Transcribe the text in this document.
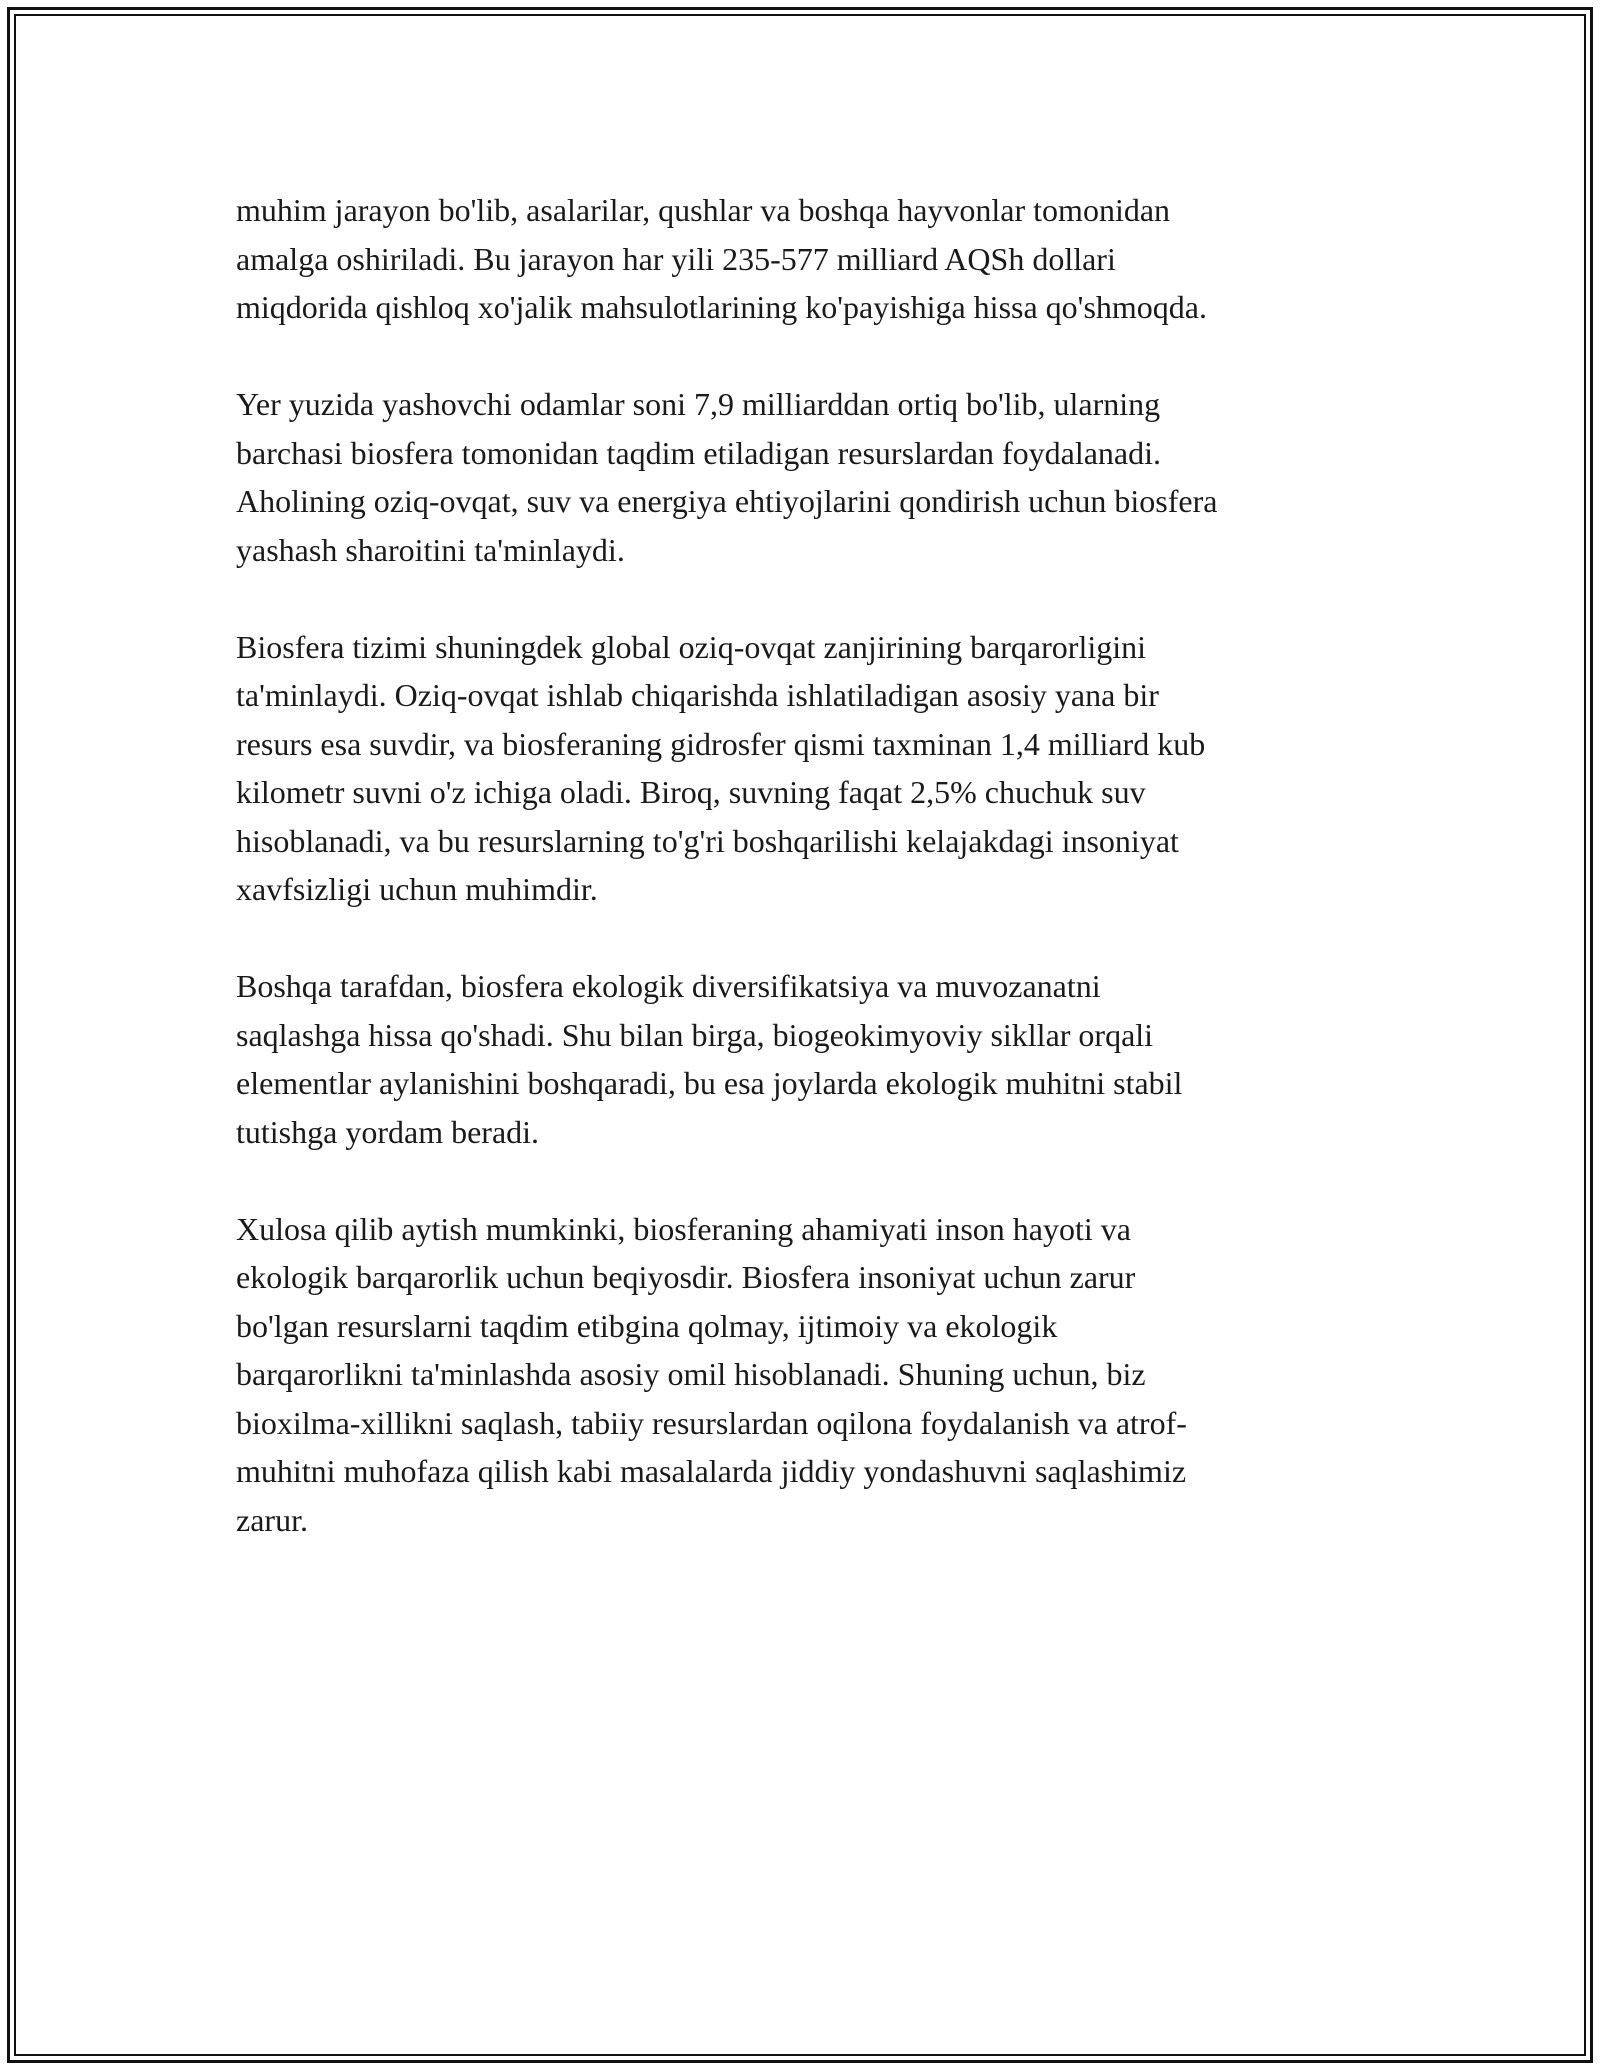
muhim jarayon bo'lib, asalarilar, qushlar va boshqa hayvonlar tomonidan
amalga oshiriladi. Bu jarayon har yili 235-577 milliard AQSh dollari
miqdorida qishloq xo'jalik mahsulotlarining ko'payishiga hissa qo'shmoqda.

Yer yuzida yashovchi odamlar soni 7,9 milliarddan ortiq bo'lib, ularning
barchasi biosfera tomonidan taqdim etiladigan resurslardan foydalanadi.
Aholining oziq-ovqat, suv va energiya ehtiyojlarini qondirish uchun biosfera
yashash sharoitini ta'minlaydi.

Biosfera tizimi shuningdek global oziq-ovqat zanjirining barqarorligini
ta'minlaydi. Oziq-ovqat ishlab chiqarishda ishlatiladigan asosiy yana bir
resurs esa suvdir, va biosferaning gidrosfer qismi taxminan 1,4 milliard kub
kilometr suvni o'z ichiga oladi. Biroq, suvning faqat 2,5% chuchuk suv
hisoblanadi, va bu resurslarning to'g'ri boshqarilishi kelajakdagi insoniyat
xavfsizligi uchun muhimdir.

Boshqa tarafdan, biosfera ekologik diversifikatsiya va muvozanatni
saqlashga hissa qo'shadi. Shu bilan birga, biogeokimyoviy sikllar orqali
elementlar aylanishini boshqaradi, bu esa joylarda ekologik muhitni stabil
tutishga yordam beradi.

Xulosa qilib aytish mumkinki, biosferaning ahamiyati inson hayoti va
ekologik barqarorlik uchun beqiyosdir. Biosfera insoniyat uchun zarur
bo'lgan resurslarni taqdim etibgina qolmay, ijtimoiy va ekologik
barqarorlikni ta'minlashda asosiy omil hisoblanadi. Shuning uchun, biz
bioxilma-xillikni saqlash, tabiiy resurslardan oqilona foydalanish va atrof-
muhitni muhofaza qilish kabi masalalarda jiddiy yondashuvni saqlashimiz
zarur.
